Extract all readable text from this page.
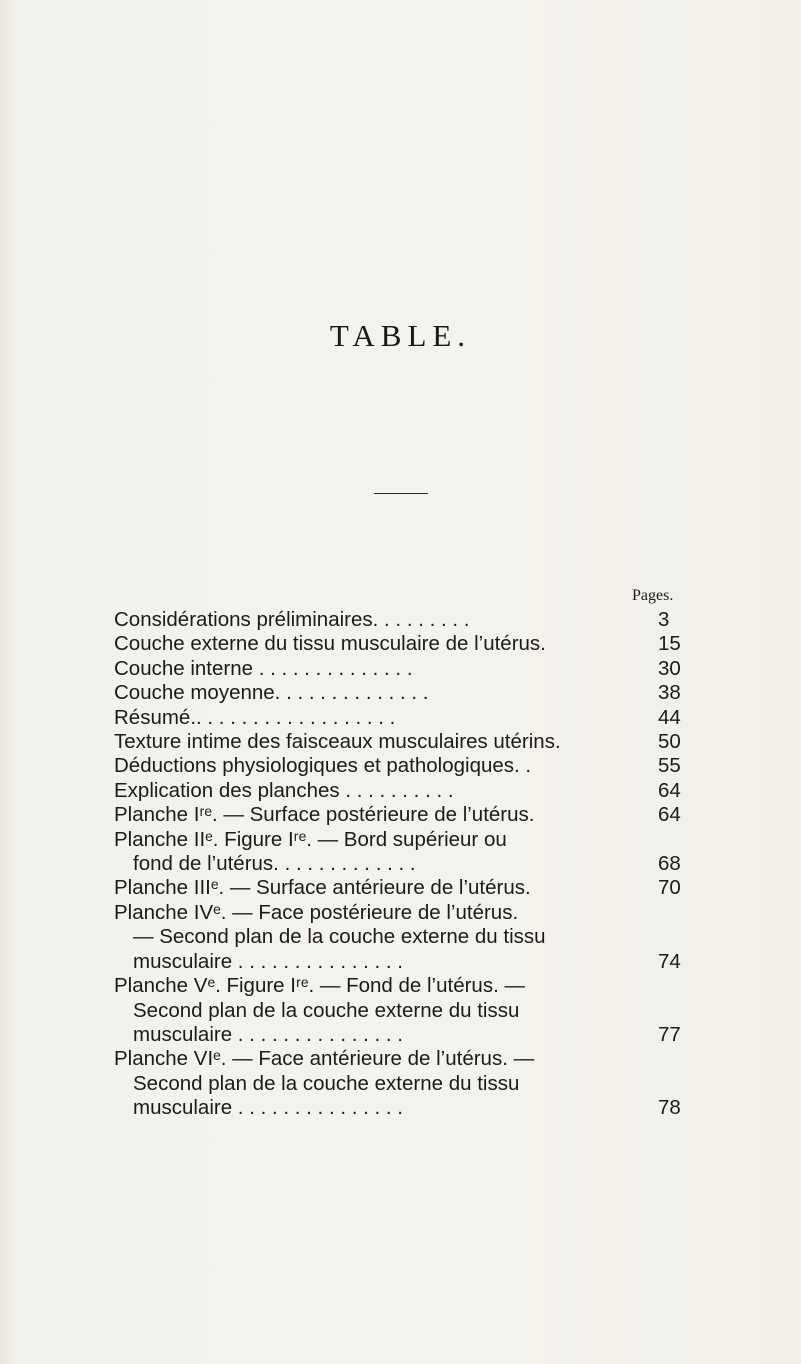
TABLE.
Pages.
Considérations préliminaires. . . . . . . . .	3
Couche externe du tissu musculaire de l’utérus.	15
Couche interne . . . . . . . . . . . . . .	30
Couche moyenne. . . . . . . . . . . . . .	38
Résumé.. . . . . . . . . . . . . . . . . .	44
Texture intime des faisceaux musculaires utérins.	50
Déductions physiologiques et pathologiques. .	55
Explication des planches . . . . . . . . . .	64
Planche Iʳᵉ. — Surface postérieure de l’utérus.	64
Planche IIᵉ. Figure Iʳᵉ. — Bord supérieur ou
fond de l’utérus. . . . . . . . . . . . .	68
Planche IIIᵉ. — Surface antérieure de l’utérus.	70
Planche IVᵉ. — Face postérieure de l’utérus.
— Second plan de la couche externe du tissu
musculaire . . . . . . . . . . . . . . .	74
Planche Vᵉ. Figure Iʳᵉ. — Fond de l’utérus. —
Second plan de la couche externe du tissu
musculaire . . . . . . . . . . . . . . .	77
Planche VIᵉ. — Face antérieure de l’utérus. —
Second plan de la couche externe du tissu
musculaire . . . . . . . . . . . . . . .	78
